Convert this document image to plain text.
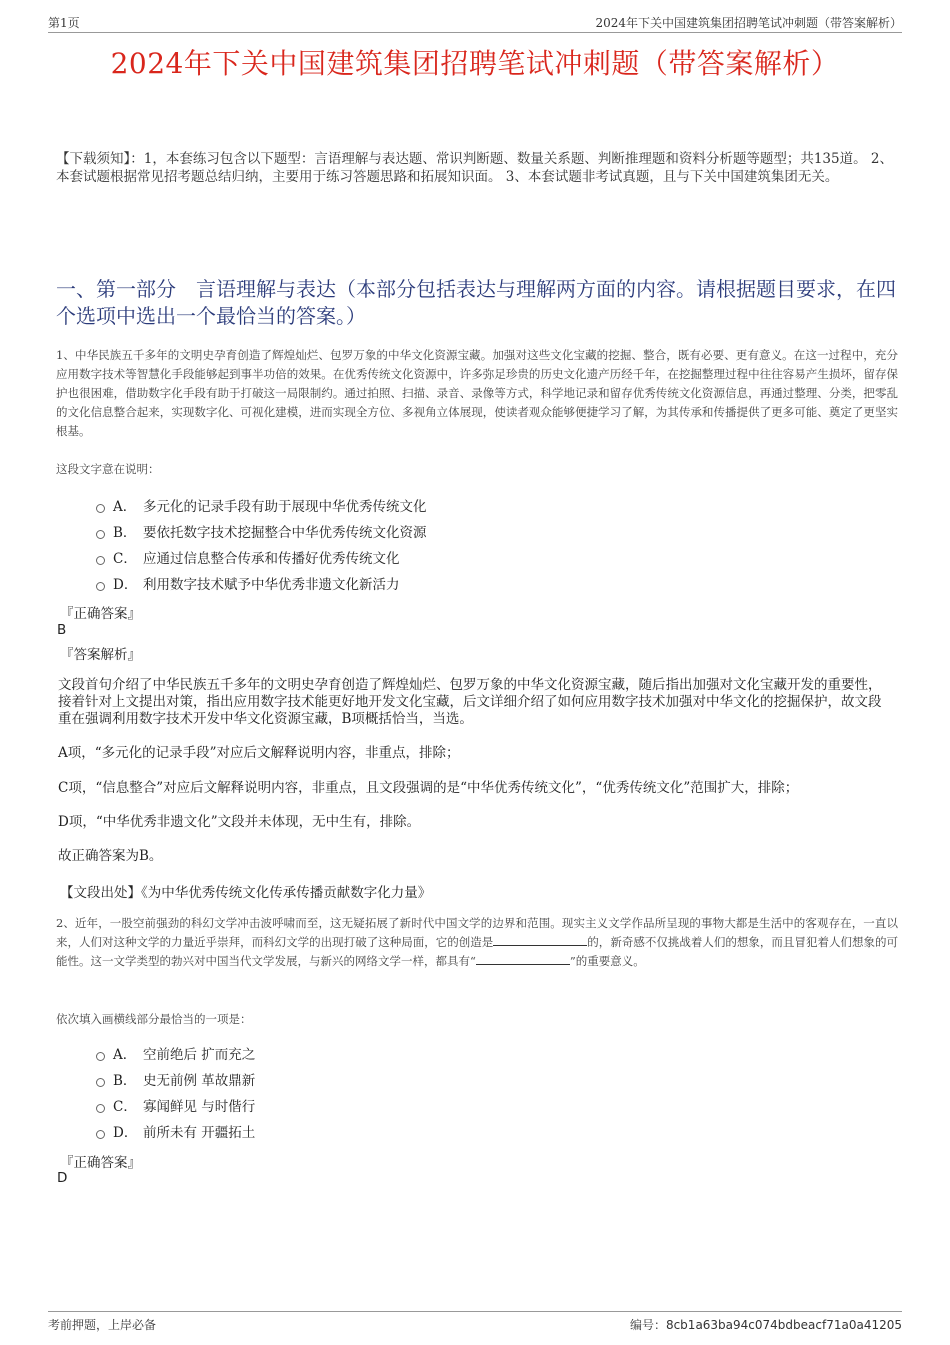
第1页	2024年下关中国建筑集团招聘笔试冲刺题（带答案解析）
2024年下关中国建筑集团招聘笔试冲刺题（带答案解析）
【下载须知】：1，本套练习包含以下题型：言语理解与表达题、常识判断题、数量关系题、判断推理题和资料分析题等题型；共135道。 2、本套试题根据常见招考题总结归纳，主要用于练习答题思路和拓展知识面。 3、本套试题非考试真题，且与下关中国建筑集团无关。
一、第一部分　言语理解与表达（本部分包括表达与理解两方面的内容。请根据题目要求，在四个选项中选出一个最恰当的答案。）
1、中华民族五千多年的文明史孕育创造了辉煌灿烂、包罗万象的中华文化资源宝藏。加强对这些文化宝藏的挖掘、整合，既有必要、更有意义。在这一过程中，充分应用数字技术等智慧化手段能够起到事半功倍的效果。在优秀传统文化资源中，许多弥足珍贵的历史文化遗产历经千年，在挖掘整理过程中往往容易产生损坏，留存保护也很困难，借助数字化手段有助于打破这一局限制约。通过拍照、扫描、录音、录像等方式，科学地记录和留存优秀传统文化资源信息，再通过整理、分类，把零乱的文化信息整合起来，实现数字化、可视化建模，进而实现全方位、多视角立体展现，使读者观众能够便捷学习了解，为其传承和传播提供了更多可能、奠定了更坚实根基。
这段文字意在说明：
A． 多元化的记录手段有助于展现中华优秀传统文化
B． 要依托数字技术挖掘整合中华优秀传统文化资源
C． 应通过信息整合传承和传播好优秀传统文化
D． 利用数字技术赋予中华优秀非遗文化新活力
『正确答案』
B
『答案解析』
文段首句介绍了中华民族五千多年的文明史孕育创造了辉煌灿烂、包罗万象的中华文化资源宝藏，随后指出加强对文化宝藏开发的重要性，接着针对上文提出对策，指出应用数字技术能更好地开发文化宝藏，后文详细介绍了如何应用数字技术加强对中华文化的挖掘保护，故文段重在强调利用数字技术开发中华文化资源宝藏，B项概括恰当，当选。
A项，“多元化的记录手段”对应后文解释说明内容，非重点，排除；
C项，“信息整合”对应后文解释说明内容，非重点，且文段强调的是“中华优秀传统文化”，“优秀传统文化”范围扩大，排除；
D项，“中华优秀非遗文化”文段并未体现，无中生有，排除。
故正确答案为B。
【文段出处】《为中华优秀传统文化传承传播贡献数字化力量》
2、近年，一股空前强劲的科幻文学冲击波呼啸而至，这无疑拓展了新时代中国文学的边界和范围。现实主义文学作品所呈现的事物大都是生活中的客观存在，一直以来，人们对这种文学的力量近乎崇拜，而科幻文学的出现打破了这种局面，它的创造是	的，新奇感不仅挑战着人们的想象，而且冒犯着人们想象的可能性。这一文学类型的勃兴对中国当代文学发展，与新兴的网络文学一样，都具有“	”的重要意义。
依次填入画横线部分最恰当的一项是：
A． 空前绝后 扩而充之
B． 史无前例 革故鼎新
C． 寡闻鲜见 与时偕行
D． 前所未有 开疆拓土
『正确答案』
D
考前押题，上岸必备	编号：8cb1a63ba94c074bdbeacf71a0a41205
